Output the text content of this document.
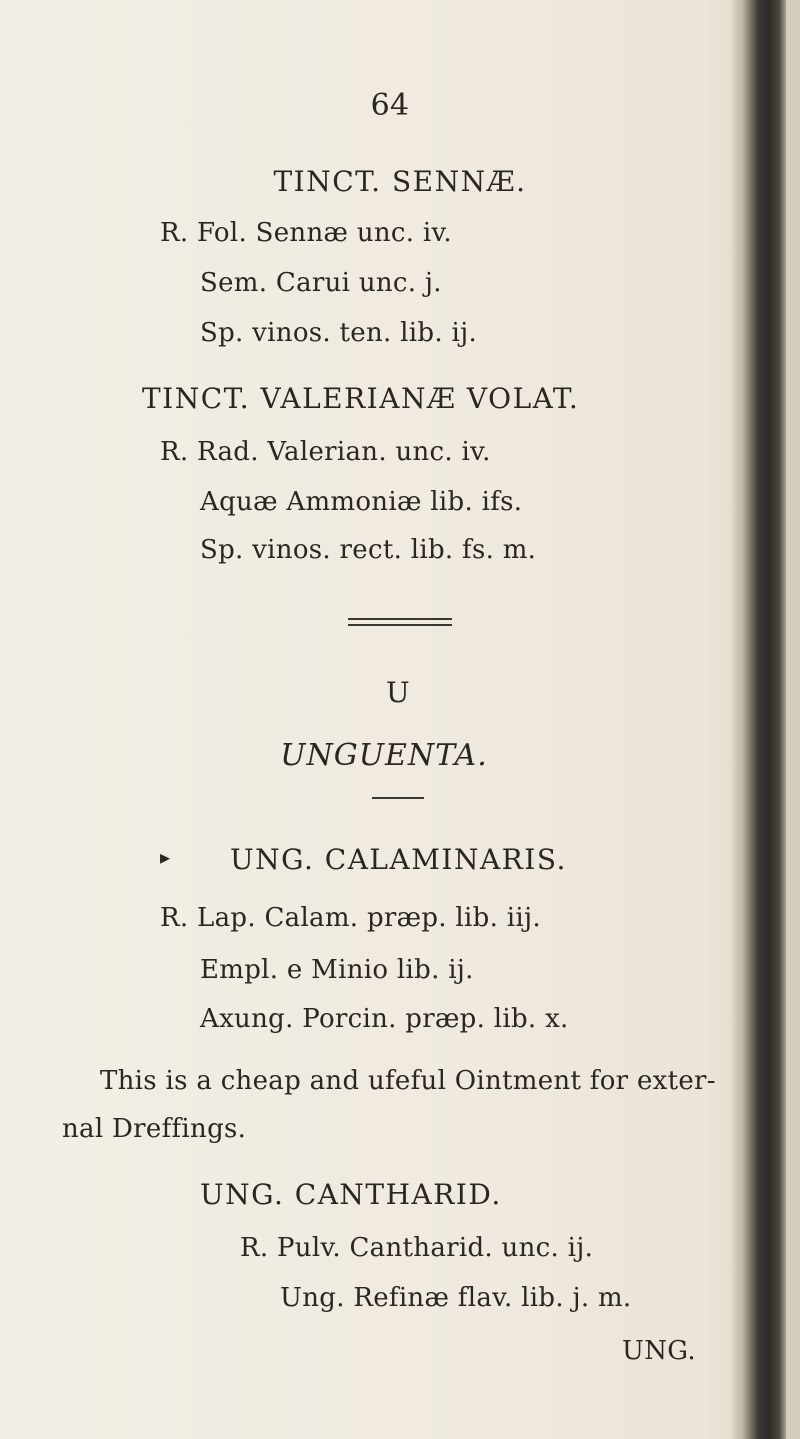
64
TINCT. SENNÆ.
R. Fol. Sennæ unc. iv.
Sem. Carui unc. j.
Sp. vinos. ten. lib. ij.
TINCT. VALERIANÆ VOLAT.
R. Rad. Valerian. unc. iv.
Aquæ Ammoniæ lib. ifs.
Sp. vinos. rect. lib. fs. m.
U
UNGUENTA.
▸ UNG. CALAMINARIS.
R. Lap. Calam. præp. lib. iij.
Empl. e Minio lib. ij.
Axung. Porcin. præp. lib. x.
This is a cheap and ufeful Ointment for exter-
nal Dreffings.
UNG. CANTHARID.
R. Pulv. Cantharid. unc. ij.
Ung. Refinæ flav. lib. j. m.
UNG.
